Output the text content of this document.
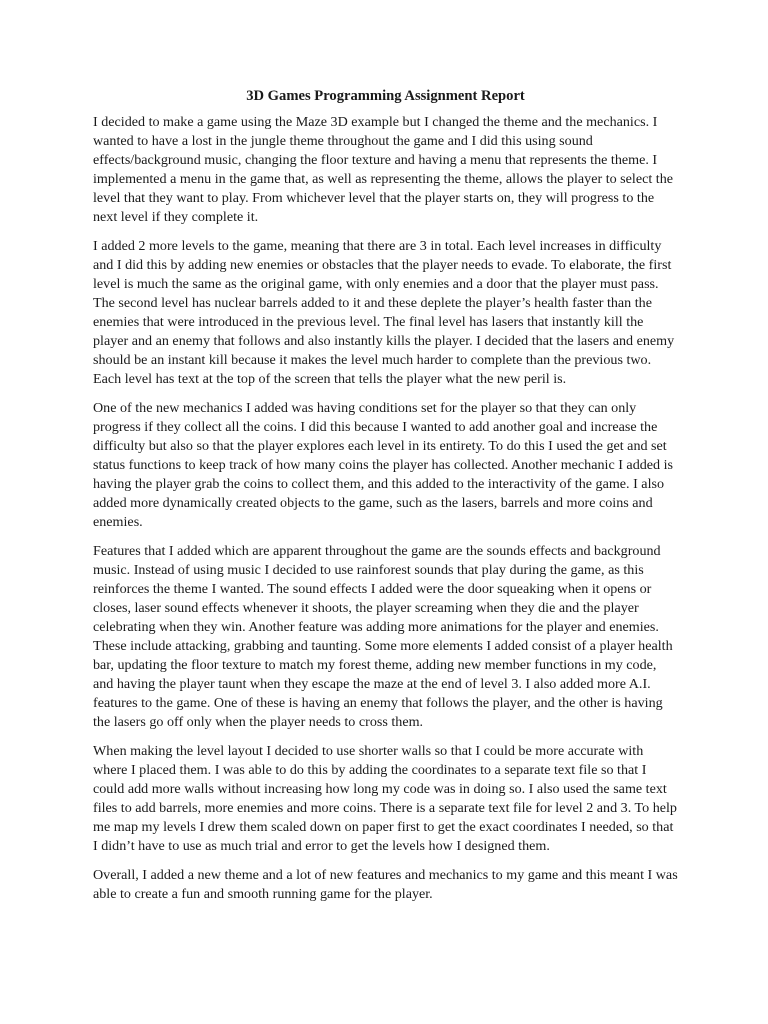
3D Games Programming Assignment Report

I decided to make a game using the Maze 3D example but I changed the theme and the mechanics. I wanted to have a lost in the jungle theme throughout the game and I did this using sound effects/background music, changing the floor texture and having a menu that represents the theme. I implemented a menu in the game that, as well as representing the theme, allows the player to select the level that they want to play. From whichever level that the player starts on, they will progress to the next level if they complete it.

I added 2 more levels to the game, meaning that there are 3 in total. Each level increases in difficulty and I did this by adding new enemies or obstacles that the player needs to evade. To elaborate, the first level is much the same as the original game, with only enemies and a door that the player must pass. The second level has nuclear barrels added to it and these deplete the player’s health faster than the enemies that were introduced in the previous level. The final level has lasers that instantly kill the player and an enemy that follows and also instantly kills the player. I decided that the lasers and enemy should be an instant kill because it makes the level much harder to complete than the previous two. Each level has text at the top of the screen that tells the player what the new peril is.

One of the new mechanics I added was having conditions set for the player so that they can only progress if they collect all the coins. I did this because I wanted to add another goal and increase the difficulty but also so that the player explores each level in its entirety. To do this I used the get and set status functions to keep track of how many coins the player has collected. Another mechanic I added is having the player grab the coins to collect them, and this added to the interactivity of the game. I also added more dynamically created objects to the game, such as the lasers, barrels and more coins and enemies.

Features that I added which are apparent throughout the game are the sounds effects and background music. Instead of using music I decided to use rainforest sounds that play during the game, as this reinforces the theme I wanted. The sound effects I added were the door squeaking when it opens or closes, laser sound effects whenever it shoots, the player screaming when they die and the player celebrating when they win. Another feature was adding more animations for the player and enemies. These include attacking, grabbing and taunting. Some more elements I added consist of a player health bar, updating the floor texture to match my forest theme, adding new member functions in my code, and having the player taunt when they escape the maze at the end of level 3. I also added more A.I. features to the game. One of these is having an enemy that follows the player, and the other is having the lasers go off only when the player needs to cross them.

When making the level layout I decided to use shorter walls so that I could be more accurate with where I placed them. I was able to do this by adding the coordinates to a separate text file so that I could add more walls without increasing how long my code was in doing so. I also used the same text files to add barrels, more enemies and more coins. There is a separate text file for level 2 and 3. To help me map my levels I drew them scaled down on paper first to get the exact coordinates I needed, so that I didn’t have to use as much trial and error to get the levels how I designed them.

Overall, I added a new theme and a lot of new features and mechanics to my game and this meant I was able to create a fun and smooth running game for the player.
